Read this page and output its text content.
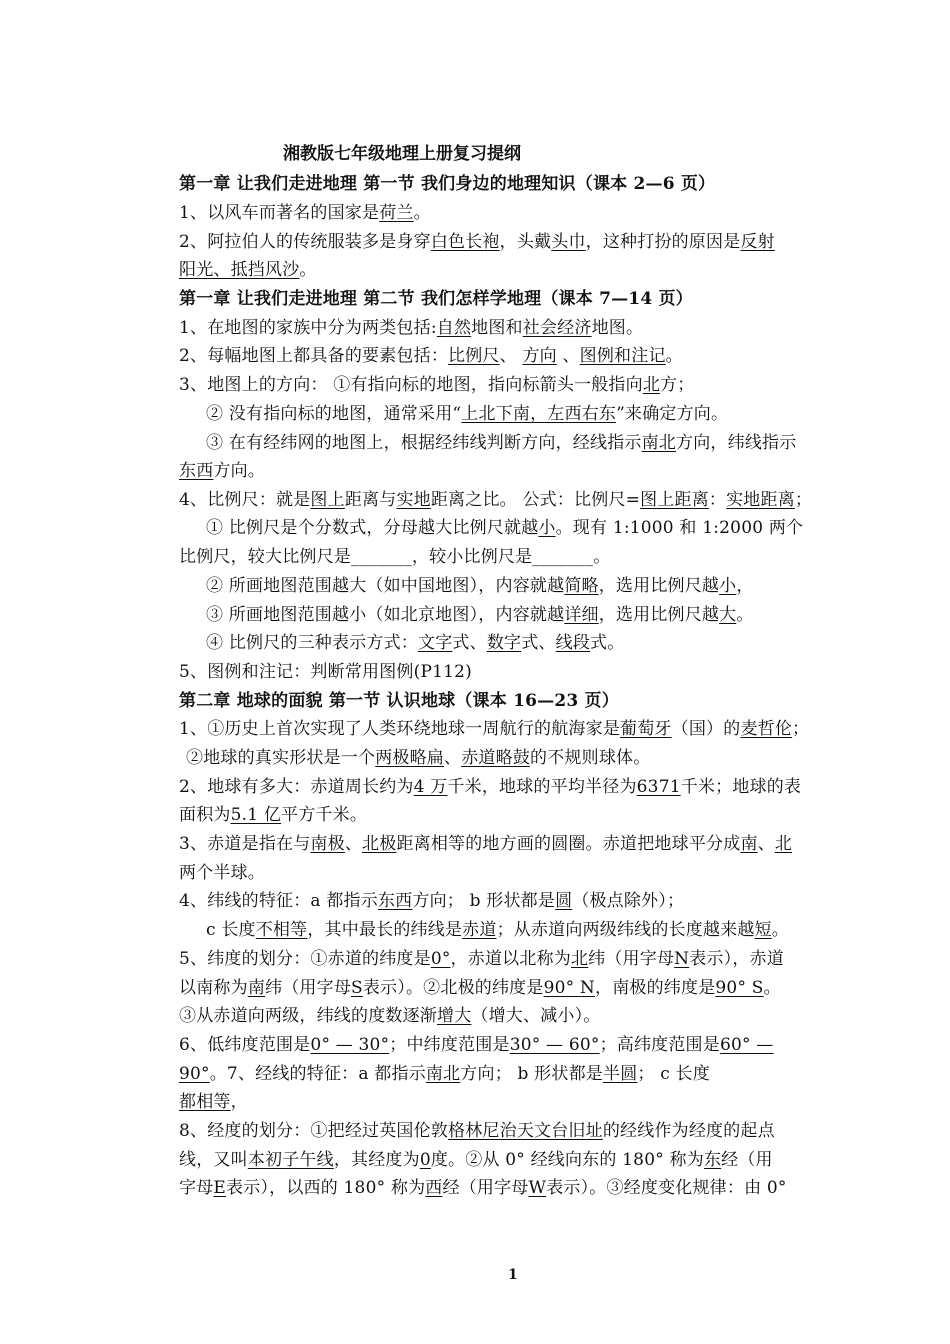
湘教版七年级地理上册复习提纲
第一章 让我们走进地理 第一节 我们身边的地理知识（课本 2—6 页）
1、以风车而著名的国家是荷兰。
2、阿拉伯人的传统服装多是身穿白色长袍，头戴头巾，这种打扮的原因是反射
阳光、抵挡风沙。
第一章 让我们走进地理 第二节 我们怎样学地理（课本 7—14 页）
1、在地图的家族中分为两类包括:自然地图和社会经济地图。
2、每幅地图上都具备的要素包括：比例尺、 方向 、图例和注记。
3、地图上的方向： ①有指向标的地图，指向标箭头一般指向北方；
② 没有指向标的地图，通常采用“上北下南，左西右东”来确定方向。
③ 在有经纬网的地图上，根据经纬线判断方向，经线指示南北方向，纬线指示
东西方向。
4、比例尺：就是图上距离与实地距离之比。 公式：比例尺=图上距离：实地距离；
① 比例尺是个分数式，分母越大比例尺就越小。现有 1:1000 和 1:2000 两个
比例尺，较大比例尺是_______，较小比例尺是_______。
② 所画地图范围越大（如中国地图），内容就越简略，选用比例尺越小，
③ 所画地图范围越小（如北京地图），内容就越详细，选用比例尺越大。
④ 比例尺的三种表示方式：文字式、数字式、线段式。
5、图例和注记：判断常用图例(P112)
第二章 地球的面貌 第一节 认识地球（课本 16—23 页）
1、①历史上首次实现了人类环绕地球一周航行的航海家是葡萄牙（国）的麦哲伦；
②地球的真实形状是一个两极略扁、赤道略鼓的不规则球体。
2、地球有多大：赤道周长约为4 万千米，地球的平均半径为6371千米；地球的表
面积为5.1 亿平方千米。
3、赤道是指在与南极、北极距离相等的地方画的圆圈。赤道把地球平分成南、北
两个半球。
4、纬线的特征：a 都指示东西方向； b 形状都是圆（极点除外）；
c 长度不相等，其中最长的纬线是赤道；从赤道向两级纬线的长度越来越短。
5、纬度的划分：①赤道的纬度是0°，赤道以北称为北纬（用字母N表示），赤道
以南称为南纬（用字母S表示）。②北极的纬度是90° N，南极的纬度是90° S。
③从赤道向两级，纬线的度数逐渐增大（增大、减小）。
6、低纬度范围是0° — 30°；中纬度范围是30° — 60°；高纬度范围是60° —
90°。7、经线的特征：a 都指示南北方向； b 形状都是半圆； c 长度
都相等，
8、经度的划分：①把经过英国伦敦格林尼治天文台旧址的经线作为经度的起点
线，又叫本初子午线，其经度为0度。②从 0° 经线向东的 180° 称为东经（用
字母E表示），以西的 180° 称为西经（用字母W表示）。③经度变化规律：由 0°
1
